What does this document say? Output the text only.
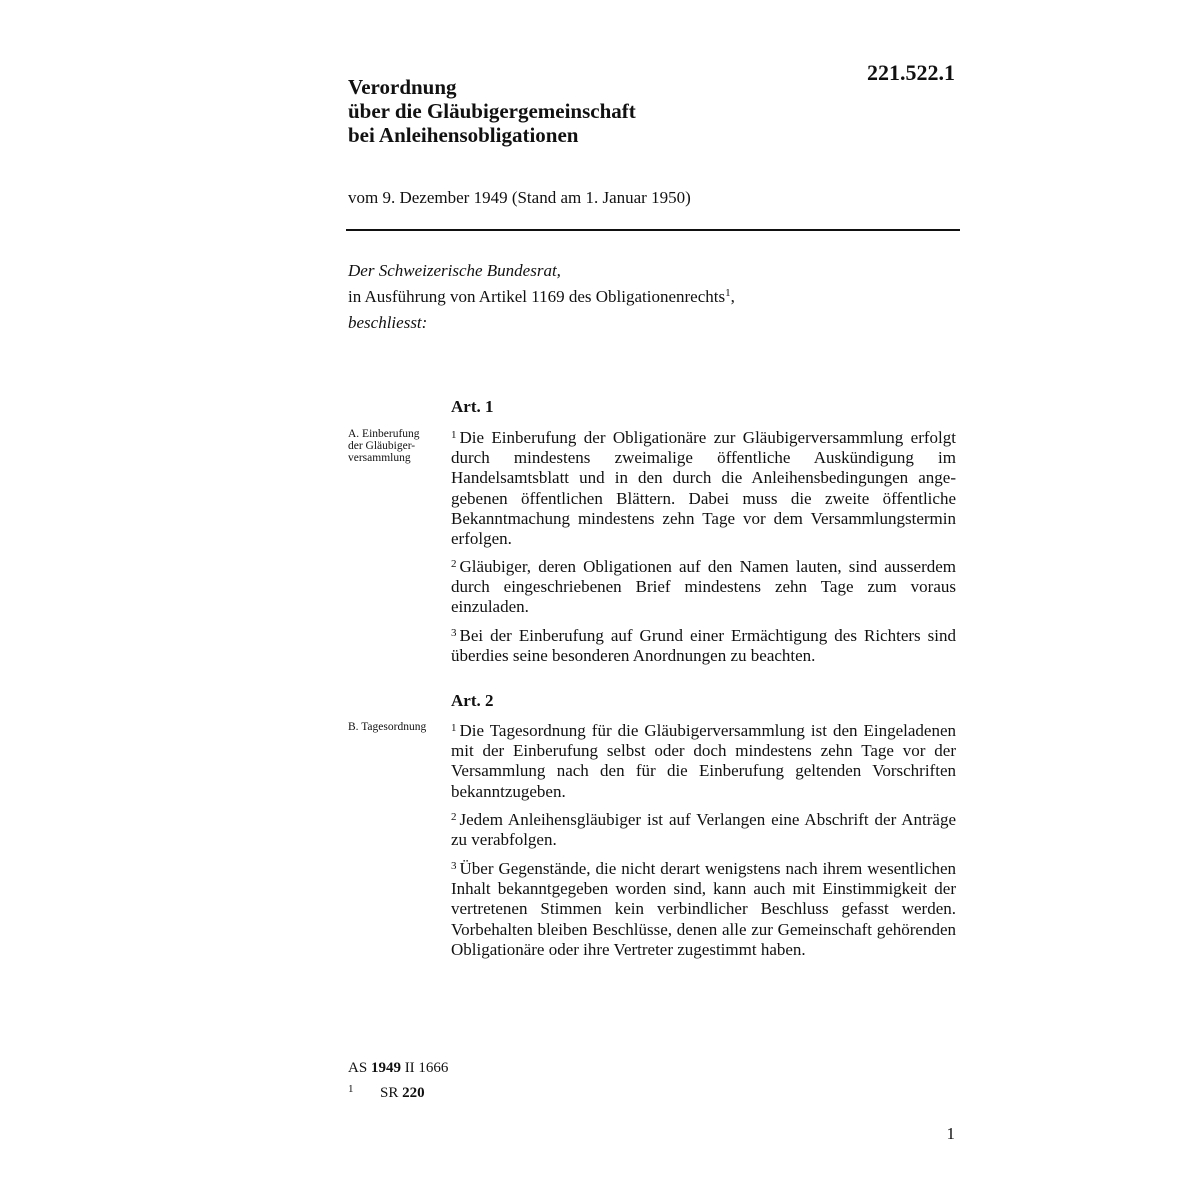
221.522.1
Verordnung
über die Gläubigergemeinschaft
bei Anleihensobligationen
vom 9. Dezember 1949 (Stand am 1. Januar 1950)
Der Schweizerische Bundesrat,
in Ausführung von Artikel 1169 des Obligationenrechts$^1$,
beschliesst:
Art. 1
A. Einberufung
der Gläubiger-
versammlung
$^1$ Die Einberufung der Obligationäre zur Gläubigerversammlung erfolgt durch mindestens zweimalige öffentliche Auskündigung im Handelsamtsblatt und in den durch die Anleihensbedingungen angegebenen öffentlichen Blättern. Dabei muss die zweite öffentliche Bekanntmachung mindestens zehn Tage vor dem Versammlungstermin erfolgen.
$^2$ Gläubiger, deren Obligationen auf den Namen lauten, sind ausserdem durch eingeschriebenen Brief mindestens zehn Tage zum voraus einzuladen.
$^3$ Bei der Einberufung auf Grund einer Ermächtigung des Richters sind überdies seine besonderen Anordnungen zu beachten.
Art. 2
B. Tagesordnung	$^1$ Die Tagesordnung für die Gläubigerversammlung ist den Eingeladenen mit der Einberufung selbst oder doch mindestens zehn Tage vor der Versammlung nach den für die Einberufung geltenden Vorschriften bekanntzugeben.
$^2$ Jedem Anleihensgläubiger ist auf Verlangen eine Abschrift der Anträge zu verabfolgen.
$^3$ Über Gegenstände, die nicht derart wenigstens nach ihrem wesentlichen Inhalt bekanntgegeben worden sind, kann auch mit Einstimmigkeit der vertretenen Stimmen kein verbindlicher Beschluss gefasst werden. Vorbehalten bleiben Beschlüsse, denen alle zur Gemeinschaft gehörenden Obligationäre oder ihre Vertreter zugestimmt haben.
AS 1949 II 1666
1 SR 220
1
